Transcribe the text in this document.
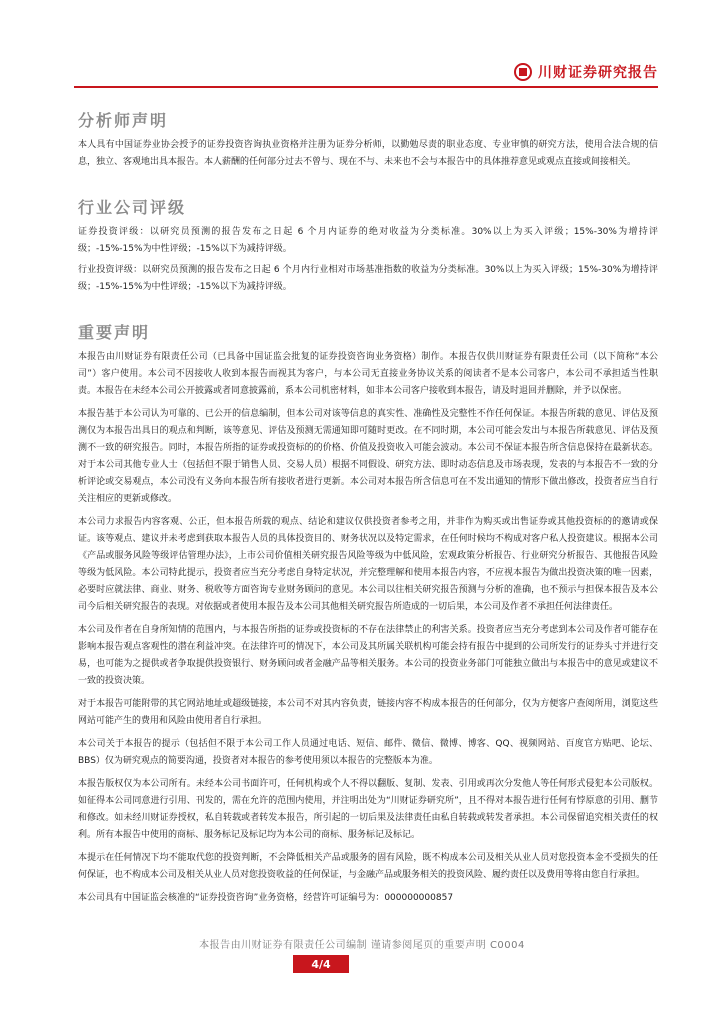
川财证券研究报告
分析师声明

本人具有中国证券业协会授予的证券投资咨询执业资格并注册为证券分析师，以勤勉尽责的职业态度、专业审慎的研究方法，使用合法合规的信息，独立、客观地出具本报告。本人薪酬的任何部分过去不曾与、现在不与、未来也不会与本报告中的具体推荐意见或观点直接或间接相关。

行业公司评级

证券投资评级：以研究员预测的报告发布之日起 6 个月内证券的绝对收益为分类标准。30%以上为买入评级；15%-30%为增持评级；-15%-15%为中性评级；-15%以下为减持评级。

行业投资评级：以研究员预测的报告发布之日起 6 个月内行业相对市场基准指数的收益为分类标准。30%以上为买入评级；15%-30%为增持评级；-15%-15%为中性评级；-15%以下为减持评级。

重要声明

本报告由川财证券有限责任公司（已具备中国证监会批复的证券投资咨询业务资格）制作。本报告仅供川财证券有限责任公司（以下简称“本公司”）客户使用。本公司不因接收人收到本报告而视其为客户，与本公司无直接业务协议关系的阅读者不是本公司客户，本公司不承担适当性职责。本报告在未经本公司公开披露或者同意披露前，系本公司机密材料，如非本公司客户接收到本报告，请及时退回并删除，并予以保密。

本报告基于本公司认为可靠的、已公开的信息编制，但本公司对该等信息的真实性、准确性及完整性不作任何保证。本报告所载的意见、评估及预测仅为本报告出具日的观点和判断，该等意见、评估及预测无需通知即可随时更改。在不同时期，本公司可能会发出与本报告所载意见、评估及预测不一致的研究报告。同时，本报告所指的证券或投资标的的价格、价值及投资收入可能会波动。本公司不保证本报告所含信息保持在最新状态。对于本公司其他专业人士（包括但不限于销售人员、交易人员）根据不同假设、研究方法、即时动态信息及市场表现，发表的与本报告不一致的分析评论或交易观点，本公司没有义务向本报告所有接收者进行更新。本公司对本报告所含信息可在不发出通知的情形下做出修改，投资者应当自行关注相应的更新或修改。

本公司力求报告内容客观、公正，但本报告所载的观点、结论和建议仅供投资者参考之用，并非作为购买或出售证券或其他投资标的的邀请或保证。该等观点、建议并未考虑到获取本报告人员的具体投资目的、财务状况以及特定需求，在任何时候均不构成对客户私人投资建议。根据本公司《产品或服务风险等级评估管理办法》，上市公司价值相关研究报告风险等级为中低风险，宏观政策分析报告、行业研究分析报告、其他报告风险等级为低风险。本公司特此提示，投资者应当充分考虑自身特定状况，并完整理解和使用本报告内容，不应视本报告为做出投资决策的唯一因素，必要时应就法律、商业、财务、税收等方面咨询专业财务顾问的意见。本公司以往相关研究报告预测与分析的准确，也不预示与担保本报告及本公司今后相关研究报告的表现。对依据或者使用本报告及本公司其他相关研究报告所造成的一切后果，本公司及作者不承担任何法律责任。

本公司及作者在自身所知情的范围内，与本报告所指的证券或投资标的不存在法律禁止的利害关系。投资者应当充分考虑到本公司及作者可能存在影响本报告观点客观性的潜在利益冲突。在法律许可的情况下，本公司及其所属关联机构可能会持有报告中提到的公司所发行的证券头寸并进行交易，也可能为之提供或者争取提供投资银行、财务顾问或者金融产品等相关服务。本公司的投资业务部门可能独立做出与本报告中的意见或建议不一致的投资决策。

对于本报告可能附带的其它网站地址或超级链接，本公司不对其内容负责，链接内容不构成本报告的任何部分，仅为方便客户查阅所用，浏览这些网站可能产生的费用和风险由使用者自行承担。

本公司关于本报告的提示（包括但不限于本公司工作人员通过电话、短信、邮件、微信、微博、博客、QQ、视频网站、百度官方贴吧、论坛、BBS）仅为研究观点的简要沟通，投资者对本报告的参考使用须以本报告的完整版本为准。

本报告版权仅为本公司所有。未经本公司书面许可，任何机构或个人不得以翻版、复制、发表、引用或再次分发他人等任何形式侵犯本公司版权。如征得本公司同意进行引用、刊发的，需在允许的范围内使用，并注明出处为“川财证券研究所”，且不得对本报告进行任何有悖原意的引用、删节和修改。如未经川财证券授权，私自转载或者转发本报告，所引起的一切后果及法律责任由私自转载或转发者承担。本公司保留追究相关责任的权利。所有本报告中使用的商标、服务标记及标记均为本公司的商标、服务标记及标记。

本提示在任何情况下均不能取代您的投资判断，不会降低相关产品或服务的固有风险，既不构成本公司及相关从业人员对您投资本金不受损失的任何保证，也不构成本公司及相关从业人员对您投资收益的任何保证，与金融产品或服务相关的投资风险、履约责任以及费用等将由您自行承担。

本公司具有中国证监会核准的“证券投资咨询”业务资格，经营许可证编号为：000000000857

本报告由川财证券有限责任公司编制 谨请参阅尾页的重要声明 C0004
4/4
